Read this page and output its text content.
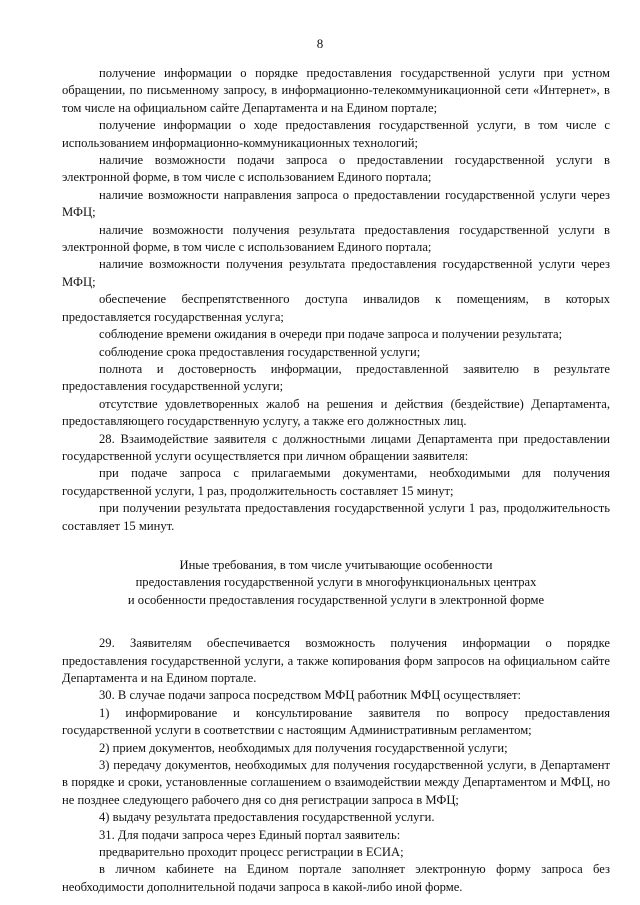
8

получение информации о порядке предоставления государственной услуги при устном обращении, по письменному запросу, в информационно-телекоммуникационной сети «Интернет», в том числе на официальном сайте Департамента и на Едином портале;

получение информации о ходе предоставления государственной услуги, в том числе с использованием информационно-коммуникационных технологий;

наличие возможности подачи запроса о предоставлении государственной услуги в электронной форме, в том числе с использованием Единого портала;

наличие возможности направления запроса о предоставлении государственной услуги через МФЦ;

наличие возможности получения результата предоставления государственной услуги в электронной форме, в том числе с использованием Единого портала;

наличие возможности получения результата предоставления государственной услуги через МФЦ;

обеспечение беспрепятственного доступа инвалидов к помещениям, в которых предоставляется государственная услуга;

соблюдение времени ожидания в очереди при подаче запроса и получении результата;

соблюдение срока предоставления государственной услуги;

полнота и достоверность информации, предоставленной заявителю в результате предоставления государственной услуги;

отсутствие удовлетворенных жалоб на решения и действия (бездействие) Департамента, предоставляющего государственную услугу, а также его должностных лиц.

28. Взаимодействие заявителя с должностными лицами Департамента при предоставлении государственной услуги осуществляется при личном обращении заявителя:

при подаче запроса с прилагаемыми документами, необходимыми для получения государственной услуги, 1 раз, продолжительность составляет 15 минут;

при получении результата предоставления государственной услуги 1 раз, продолжительность составляет 15 минут.

Иные требования, в том числе учитывающие особенности
предоставления государственной услуги в многофункциональных центрах
и особенности предоставления государственной услуги в электронной форме

29. Заявителям обеспечивается возможность получения информации о порядке предоставления государственной услуги, а также копирования форм запросов на официальном сайте Департамента и на Едином портале.

30. В случае подачи запроса посредством МФЦ работник МФЦ осуществляет:

1) информирование и консультирование заявителя по вопросу предоставления государственной услуги в соответствии с настоящим Административным регламентом;

2) прием документов, необходимых для получения государственной услуги;

3) передачу документов, необходимых для получения государственной услуги, в Департамент в порядке и сроки, установленные соглашением о взаимодействии между Департаментом и МФЦ, но не позднее следующего рабочего дня со дня регистрации запроса в МФЦ;

4) выдачу результата предоставления государственной услуги.

31. Для подачи запроса через Единый портал заявитель:

предварительно проходит процесс регистрации в ЕСИА;

в личном кабинете на Едином портале заполняет электронную форму запроса без необходимости дополнительной подачи запроса в какой-либо иной форме.
